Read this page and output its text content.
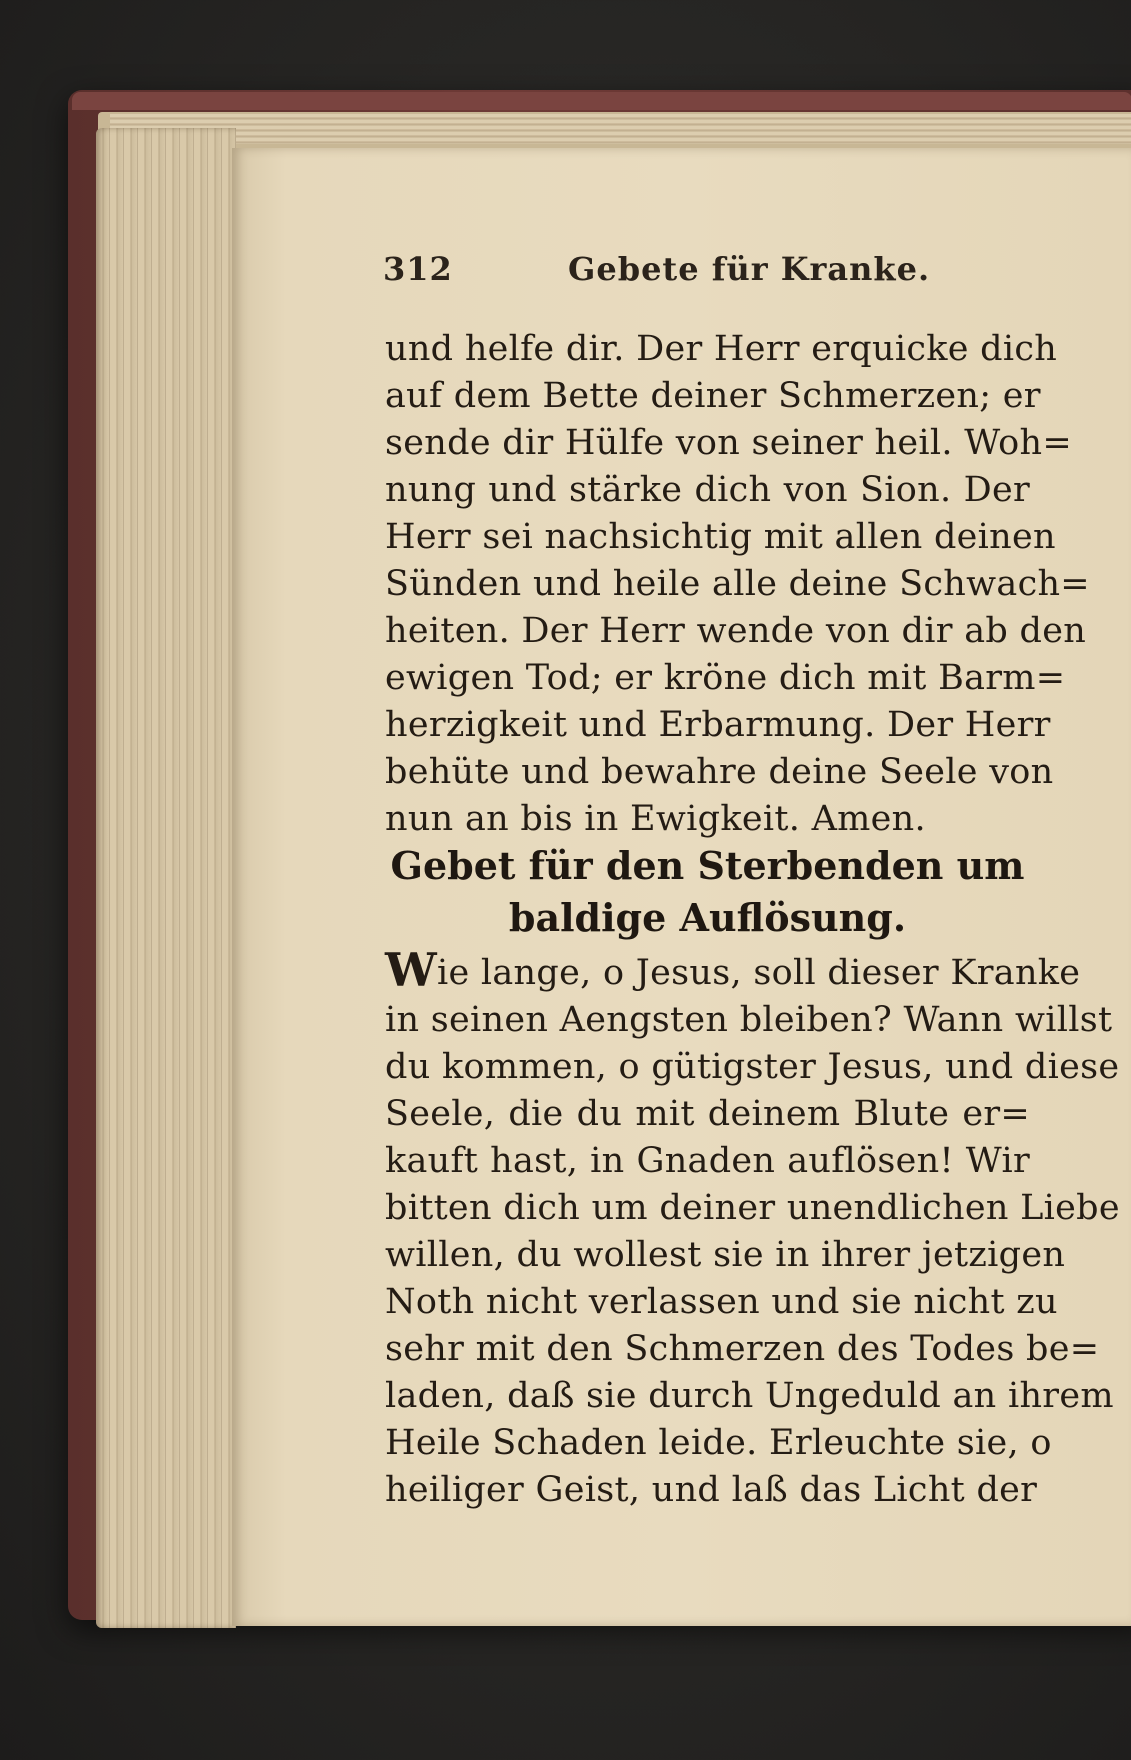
312	Gebete für Kranke.
und helfe dir. Der Herr erquicke dich
auf dem Bette deiner Schmerzen; er
sende dir Hülfe von seiner heil. Woh=
nung und stärke dich von Sion. Der
Herr sei nachsichtig mit allen deinen
Sünden und heile alle deine Schwach=
heiten. Der Herr wende von dir ab den
ewigen Tod; er kröne dich mit Barm=
herzigkeit und Erbarmung. Der Herr
behüte und bewahre deine Seele von
nun an bis in Ewigkeit. Amen.
Gebet für den Sterbenden um
baldige Auflösung.
Wie lange, o Jesus, soll dieser Kranke
in seinen Aengsten bleiben? Wann willst
du kommen, o gütigster Jesus, und diese
Seele, die du mit deinem Blute er=
kauft hast, in Gnaden auflösen! Wir
bitten dich um deiner unendlichen Liebe
willen, du wollest sie in ihrer jetzigen
Noth nicht verlassen und sie nicht zu
sehr mit den Schmerzen des Todes be=
laden, daß sie durch Ungeduld an ihrem
Heile Schaden leide. Erleuchte sie, o
heiliger Geist, und laß das Licht der
